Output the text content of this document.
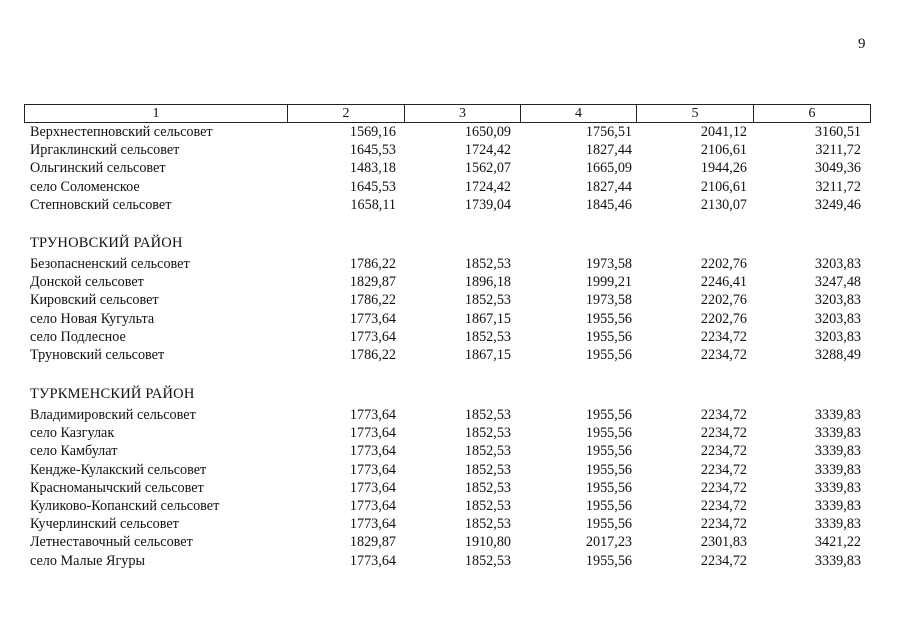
9
1	2	3	4	5	6
Верхнестепновский сельсовет	1569,16	1650,09	1756,51	2041,12	3160,51
Иргаклинский сельсовет	1645,53	1724,42	1827,44	2106,61	3211,72
Ольгинский сельсовет	1483,18	1562,07	1665,09	1944,26	3049,36
село Соломенское	1645,53	1724,42	1827,44	2106,61	3211,72
Степновский сельсовет	1658,11	1739,04	1845,46	2130,07	3249,46
ТРУНОВСКИЙ РАЙОН
Безопасненский сельсовет	1786,22	1852,53	1973,58	2202,76	3203,83
Донской сельсовет	1829,87	1896,18	1999,21	2246,41	3247,48
Кировский сельсовет	1786,22	1852,53	1973,58	2202,76	3203,83
село Новая Кугульта	1773,64	1867,15	1955,56	2202,76	3203,83
село Подлесное	1773,64	1852,53	1955,56	2234,72	3203,83
Труновский сельсовет	1786,22	1867,15	1955,56	2234,72	3288,49
ТУРКМЕНСКИЙ РАЙОН
Владимировский сельсовет	1773,64	1852,53	1955,56	2234,72	3339,83
село Казгулак	1773,64	1852,53	1955,56	2234,72	3339,83
село Камбулат	1773,64	1852,53	1955,56	2234,72	3339,83
Кендже-Кулакский сельсовет	1773,64	1852,53	1955,56	2234,72	3339,83
Красноманычский сельсовет	1773,64	1852,53	1955,56	2234,72	3339,83
Куликово-Копанский сельсовет	1773,64	1852,53	1955,56	2234,72	3339,83
Кучерлинский сельсовет	1773,64	1852,53	1955,56	2234,72	3339,83
Летнеставочный сельсовет	1829,87	1910,80	2017,23	2301,83	3421,22
село Малые Ягуры	1773,64	1852,53	1955,56	2234,72	3339,83
